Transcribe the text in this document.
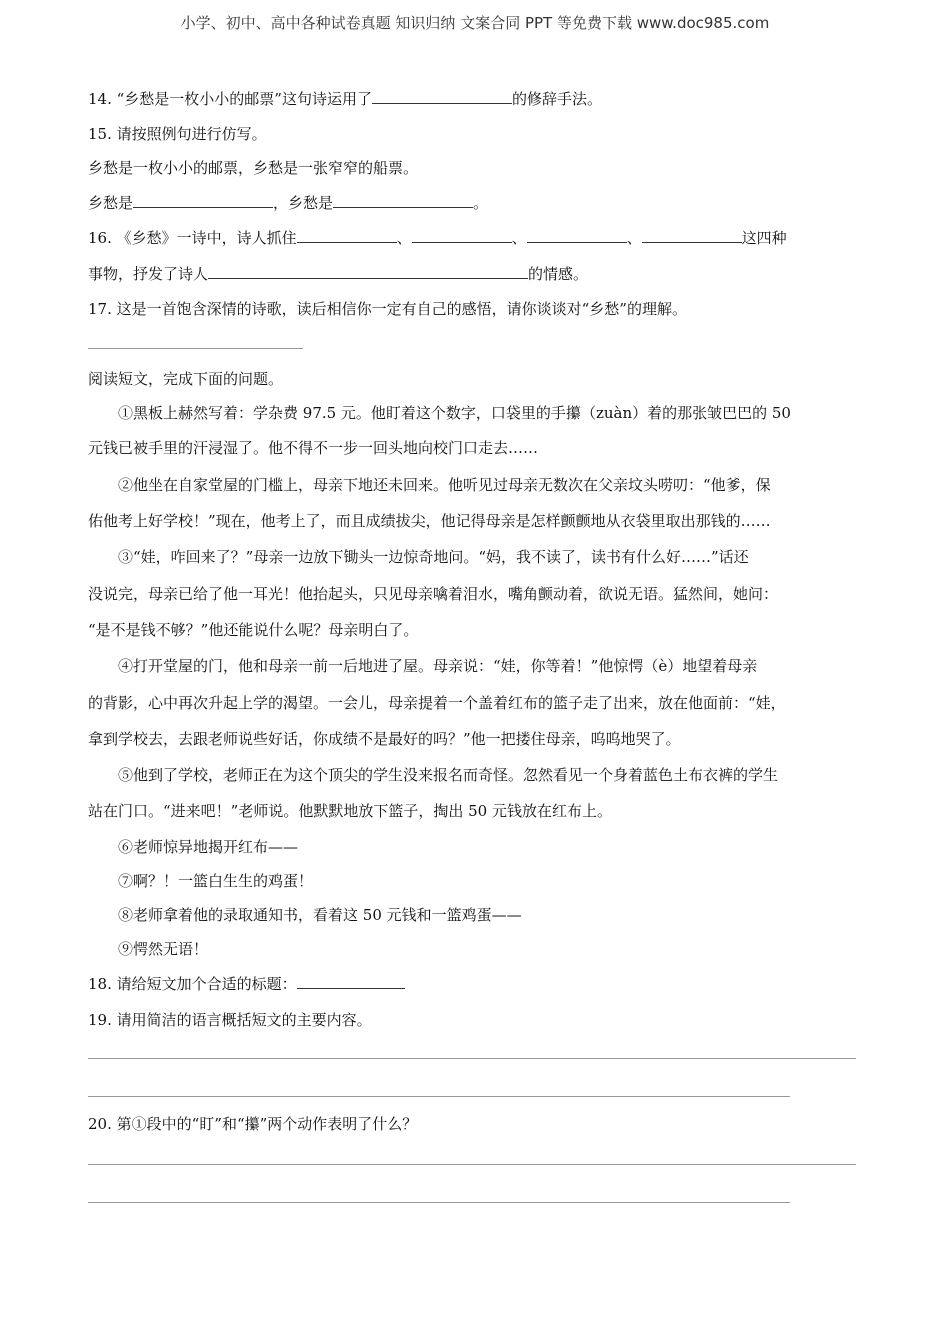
小学、初中、高中各种试卷真题 知识归纳 文案合同 PPT 等免费下载 www.doc985.com
14. “乡愁是一枚小小的邮票”这句诗运用了	的修辞手法。
15. 请按照例句进行仿写。
乡愁是一枚小小的邮票，乡愁是一张窄窄的船票。
乡愁是	，乡愁是	。
16. 《乡愁》一诗中，诗人抓住	、	、	、	这四种
事物，抒发了诗人	的情感。
17. 这是一首饱含深情的诗歌，读后相信你一定有自己的感悟，请你谈谈对“乡愁”的理解。
阅读短文，完成下面的问题。
①黑板上赫然写着：学杂费 97.5 元。他盯着这个数字，口袋里的手攥（zuàn）着的那张皱巴巴的 50
元钱已被手里的汗浸湿了。他不得不一步一回头地向校门口走去……
②他坐在自家堂屋的门槛上，母亲下地还未回来。他听见过母亲无数次在父亲坟头唠叨：“他爹，保
佑他考上好学校！”现在，他考上了，而且成绩拔尖，他记得母亲是怎样颤颤地从衣袋里取出那钱的……
③“娃，咋回来了？”母亲一边放下锄头一边惊奇地问。“妈，我不读了，读书有什么好……”话还
没说完，母亲已给了他一耳光！他抬起头，只见母亲噙着泪水，嘴角颤动着，欲说无语。猛然间，她问：
“是不是钱不够？”他还能说什么呢？母亲明白了。
④打开堂屋的门，他和母亲一前一后地进了屋。母亲说：“娃，你等着！”他惊愕（è）地望着母亲
的背影，心中再次升起上学的渴望。一会儿，母亲提着一个盖着红布的篮子走了出来，放在他面前：“娃，
拿到学校去，去跟老师说些好话，你成绩不是最好的吗？”他一把搂住母亲，呜呜地哭了。
⑤他到了学校，老师正在为这个顶尖的学生没来报名而奇怪。忽然看见一个身着蓝色土布衣裤的学生
站在门口。“进来吧！”老师说。他默默地放下篮子，掏出 50 元钱放在红布上。
⑥老师惊异地揭开红布——
⑦啊？！一篮白生生的鸡蛋！
⑧老师拿着他的录取通知书，看着这 50 元钱和一篮鸡蛋——
⑨愕然无语！
18. 请给短文加个合适的标题：
19. 请用简洁的语言概括短文的主要内容。
20. 第①段中的“盯”和“攥”两个动作表明了什么？
